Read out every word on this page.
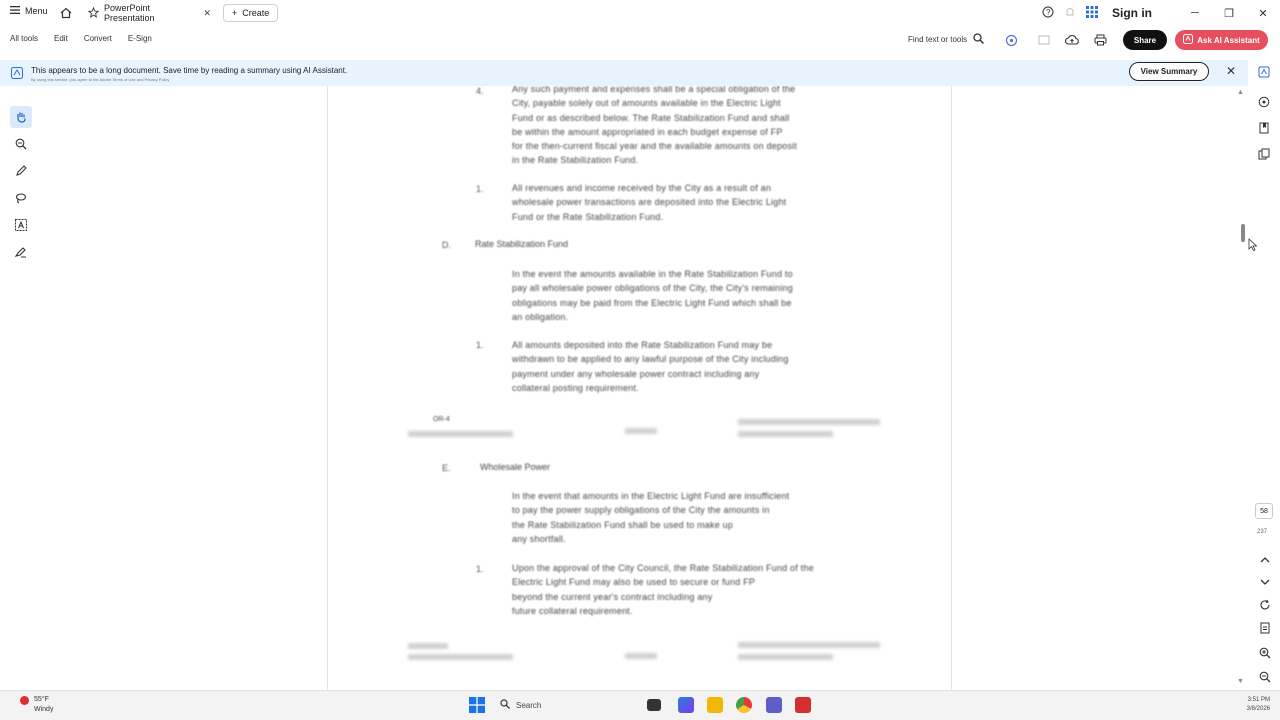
Menu	PowerPoint Presentation
✕ + Create	?	Sign in	─	❐	✕
All tools Edit Convert E-Sign	Find text or tools	Share	Ask AI Assistant
This appears to be a long document. Save time by reading a summary using AI Assistant.
By using this service, you agree to the Adobe Terms of Use and Privacy Policy
View Summary	✕
4.	Any such payment and expenses shall be a special obligation of the
City, payable solely out of amounts available in the Electric Light
Fund or as described below. The Rate Stabilization Fund and shall
be within the amount appropriated in each budget expense of FP
for the then-current fiscal year and the available amounts on deposit
in the Rate Stabilization Fund.
1.	All revenues and income received by the City as a result of an
wholesale power transactions are deposited into the Electric Light
Fund or the Rate Stabilization Fund.
D.	Rate Stabilization Fund
In the event the amounts available in the Rate Stabilization Fund to
pay all wholesale power obligations of the City, the City's remaining
obligations may be paid from the Electric Light Fund which shall be
an obligation.
1.	All amounts deposited into the Rate Stabilization Fund may be
withdrawn to be applied to any lawful purpose of the City including
payment under any wholesale power contract including any
collateral posting requirement.
OR-4
E.	Wholesale Power
In the event that amounts in the Electric Light Fund are insufficient
to pay the power supply obligations of the City the amounts in
the Rate Stabilization Fund shall be used to make up
any shortfall.
1.	Upon the approval of the City Council, the Rate Stabilization Fund of the
Electric Light Fund may also be used to secure or fund FP
beyond the current year's contract including any
future collateral requirement.
▲
▼
58
237
55°F
Windy	Search
3:51 PM
3/8/2026
